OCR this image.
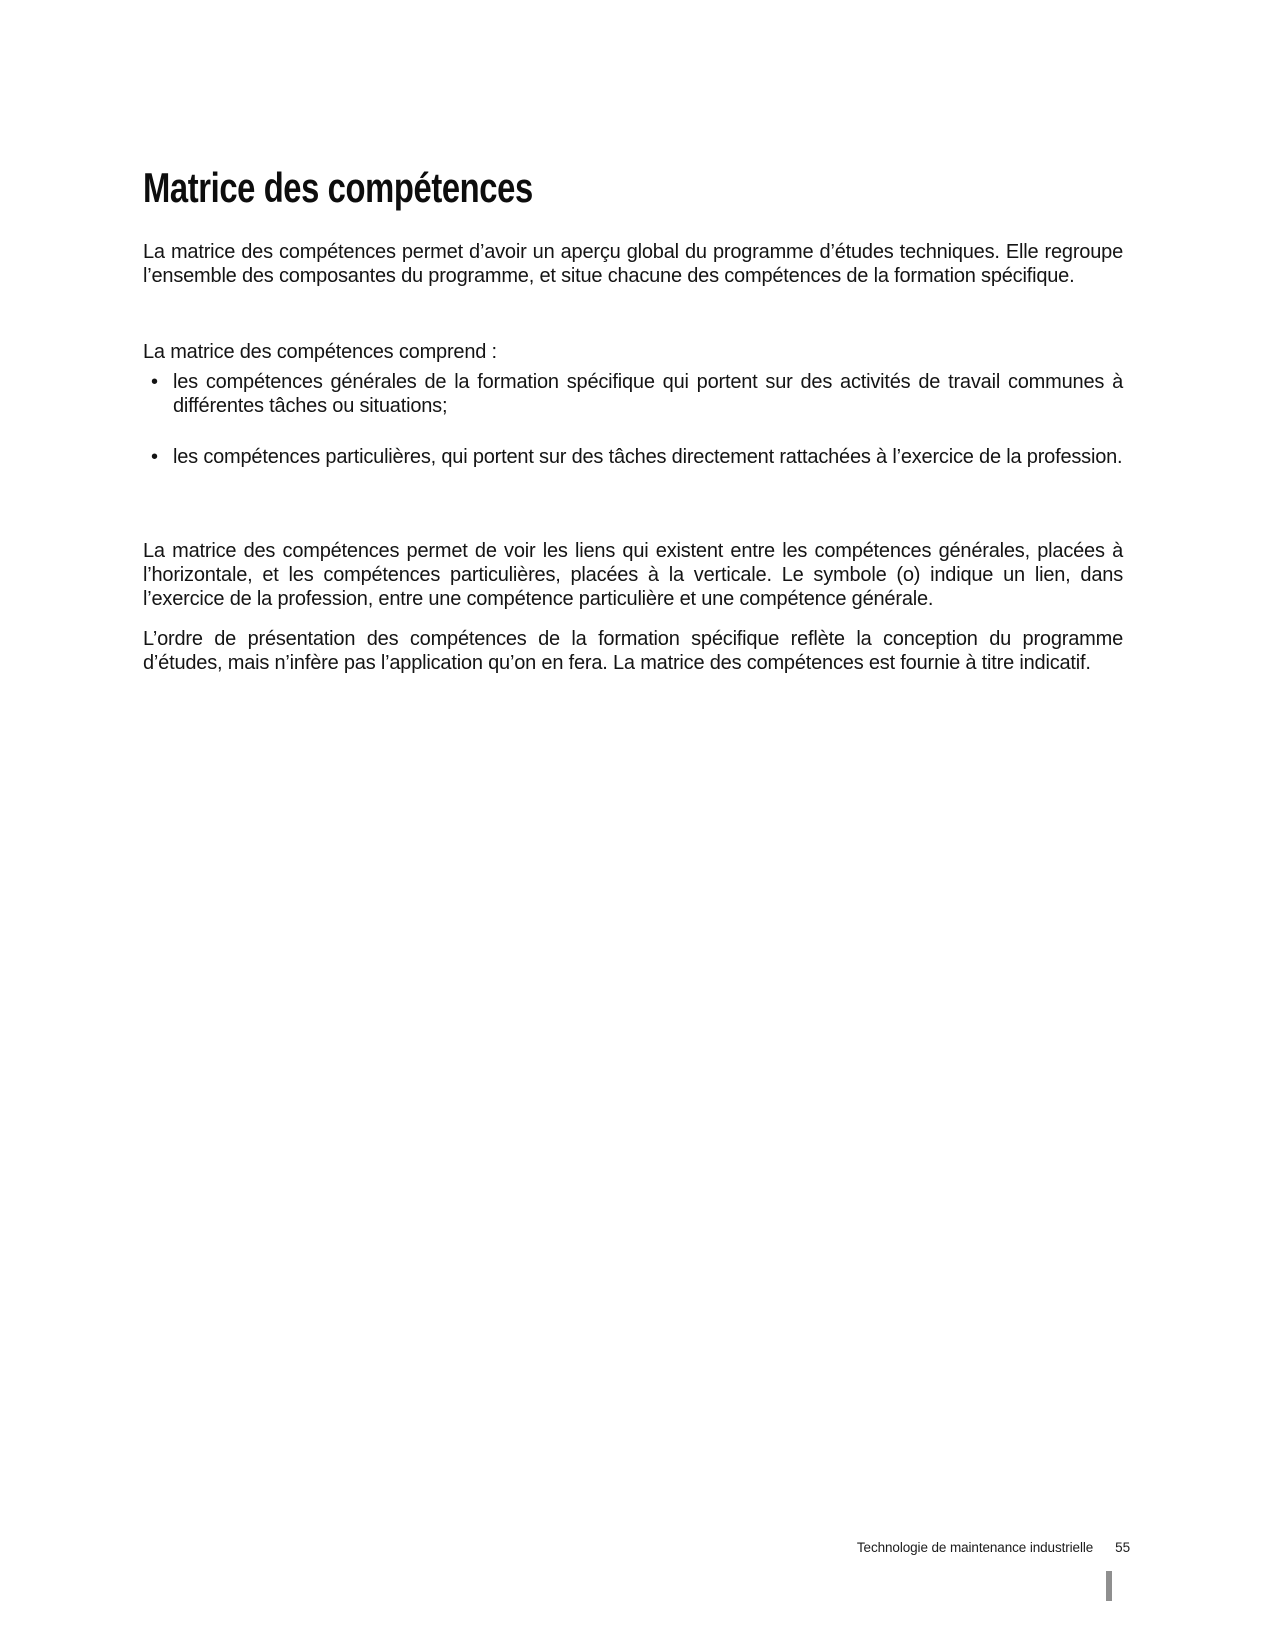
Matrice des compétences

La matrice des compétences permet d’avoir un aperçu global du programme d’études techniques. Elle regroupe l’ensemble des composantes du programme, et situe chacune des compétences de la formation spécifique.

La matrice des compétences comprend :

• les compétences générales de la formation spécifique qui portent sur des activités de travail communes à différentes tâches ou situations;
• les compétences particulières, qui portent sur des tâches directement rattachées à l’exercice de la profession.

La matrice des compétences permet de voir les liens qui existent entre les compétences générales, placées à l’horizontale, et les compétences particulières, placées à la verticale. Le symbole (o) indique un lien, dans l’exercice de la profession, entre une compétence particulière et une compétence générale.

L’ordre de présentation des compétences de la formation spécifique reflète la conception du programme d’études, mais n’infère pas l’application qu’on en fera. La matrice des compétences est fournie à titre indicatif.

Technologie de maintenance industrielle 55
